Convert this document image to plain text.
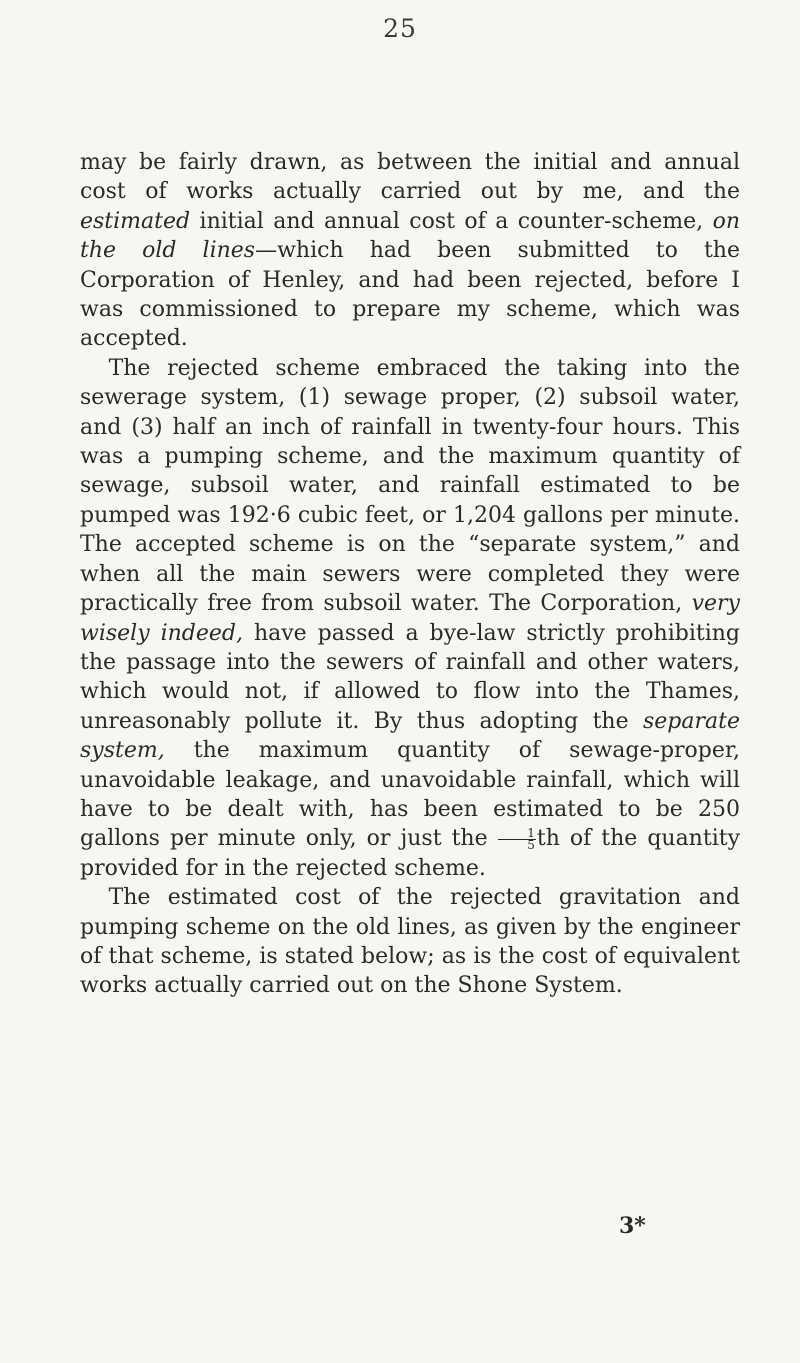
25

may be fairly drawn, as between the initial and annual cost of works actually carried out by me, and the estimated initial and annual cost of a counter-scheme, on the old lines—which had been submitted to the Corporation of Henley, and had been rejected, before I was commissioned to prepare my scheme, which was accepted.

The rejected scheme embraced the taking into the sewerage system, (1) sewage proper, (2) subsoil water, and (3) half an inch of rainfall in twenty-four hours. This was a pumping scheme, and the maximum quantity of sewage, subsoil water, and rainfall estimated to be pumped was 192·6 cubic feet, or 1,204 gallons per minute. The accepted scheme is on the “separate system,” and when all the main sewers were completed they were practically free from subsoil water. The Corporation, very wisely indeed, have passed a bye-law strictly prohibiting the passage into the sewers of rainfall and other waters, which would not, if allowed to flow into the Thames, unreasonably pollute it. By thus adopting the separate system, the maximum quantity of sewage-proper, unavoidable leakage, and unavoidable rainfall, which will have to be dealt with, has been estimated to be 250 gallons per minute only, or just the $\frac{1}{5}$ th of the quantity provided for in the rejected scheme.

The estimated cost of the rejected gravitation and pumping scheme on the old lines, as given by the engineer of that scheme, is stated below; as is the cost of equivalent works actually carried out on the Shone System.

3*
